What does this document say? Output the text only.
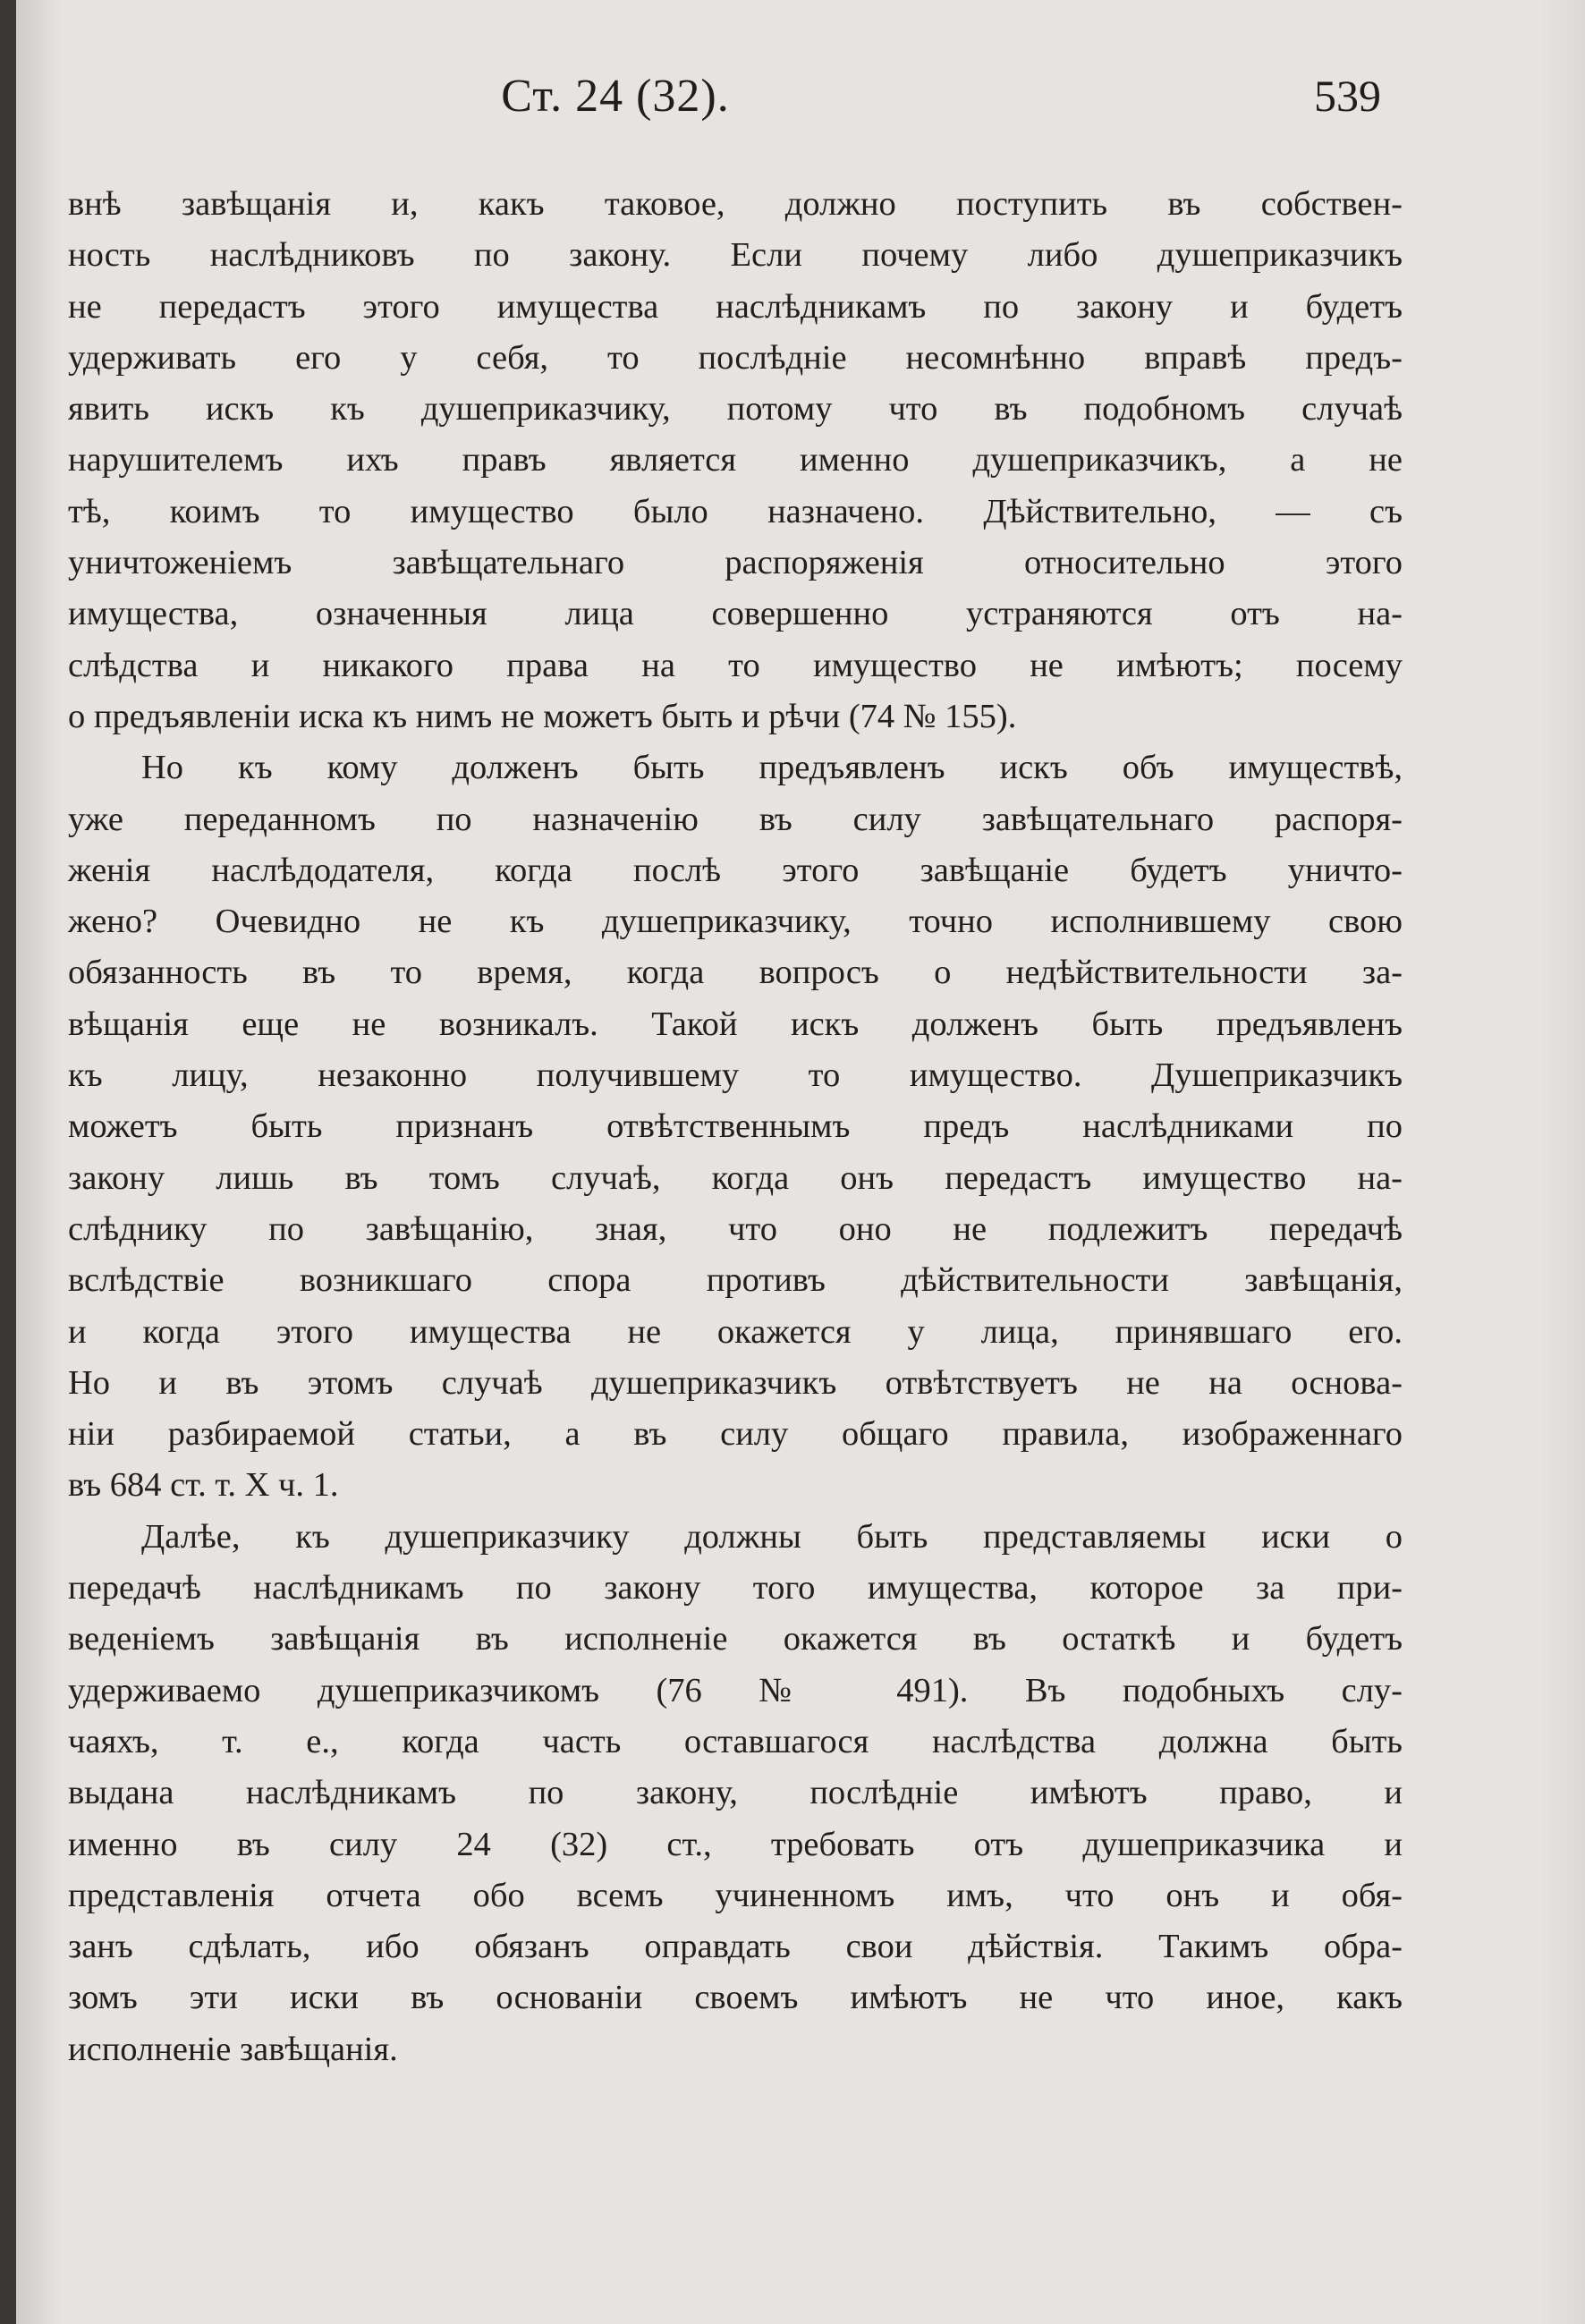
Ст. 24 (32).	539
внѣ завѣщанія и, какъ таковое, должно поступить въ собствен-
ность наслѣдниковъ по закону. Если почему либо душеприказчикъ
не передастъ этого имущества наслѣдникамъ по закону и будетъ
удерживать его у себя, то послѣдніе несомнѣнно вправѣ предъ-
явить искъ къ душеприказчику, потому что въ подобномъ случаѣ
нарушителемъ ихъ правъ является именно душеприказчикъ, а не
тѣ, коимъ то имущество было назначено. Дѣйствительно, — съ
уничтоженіемъ завѣщательнаго распоряженія относительно этого
имущества, означенныя лица совершенно устраняются отъ на-
слѣдства и никакого права на то имущество не имѣютъ; посему
о предъявленіи иска къ нимъ не можетъ быть и рѣчи (74 № 155).
Но къ кому долженъ быть предъявленъ искъ объ имуществѣ,
уже переданномъ по назначенію въ силу завѣщательнаго распоря-
женія наслѣдодателя, когда послѣ этого завѣщаніе будетъ уничто-
жено? Очевидно не къ душеприказчику, точно исполнившему свою
обязанность въ то время, когда вопросъ о недѣйствительности за-
вѣщанія еще не возникалъ. Такой искъ долженъ быть предъявленъ
къ лицу, незаконно получившему то имущество. Душеприказчикъ
можетъ быть признанъ отвѣтственнымъ предъ наслѣдниками по
закону лишь въ томъ случаѣ, когда онъ передастъ имущество на-
слѣднику по завѣщанію, зная, что оно не подлежитъ передачѣ
вслѣдствіе возникшаго спора противъ дѣйствительности завѣщанія,
и когда этого имущества не окажется у лица, принявшаго его.
Но и въ этомъ случаѣ душеприказчикъ отвѣтствуетъ не на основа-
ніи разбираемой статьи, а въ силу общаго правила, изображеннаго
въ 684 ст. т. X ч. 1.
Далѣе, къ душеприказчику должны быть представляемы иски о
передачѣ наслѣдникамъ по закону того имущества, которое за при-
веденіемъ завѣщанія въ исполненіе окажется въ остаткѣ и будетъ
удерживаемо душеприказчикомъ (76 № 491). Въ подобныхъ слу-
чаяхъ, т. е., когда часть оставшагося наслѣдства должна быть
выдана наслѣдникамъ по закону, послѣдніе имѣютъ право, и
именно въ силу 24 (32) ст., требовать отъ душеприказчика и
представленія отчета обо всемъ учиненномъ имъ, что онъ и обя-
занъ сдѣлать, ибо обязанъ оправдать свои дѣйствія. Такимъ обра-
зомъ эти иски въ основаніи своемъ имѣютъ не что иное, какъ
исполненіе завѣщанія.
